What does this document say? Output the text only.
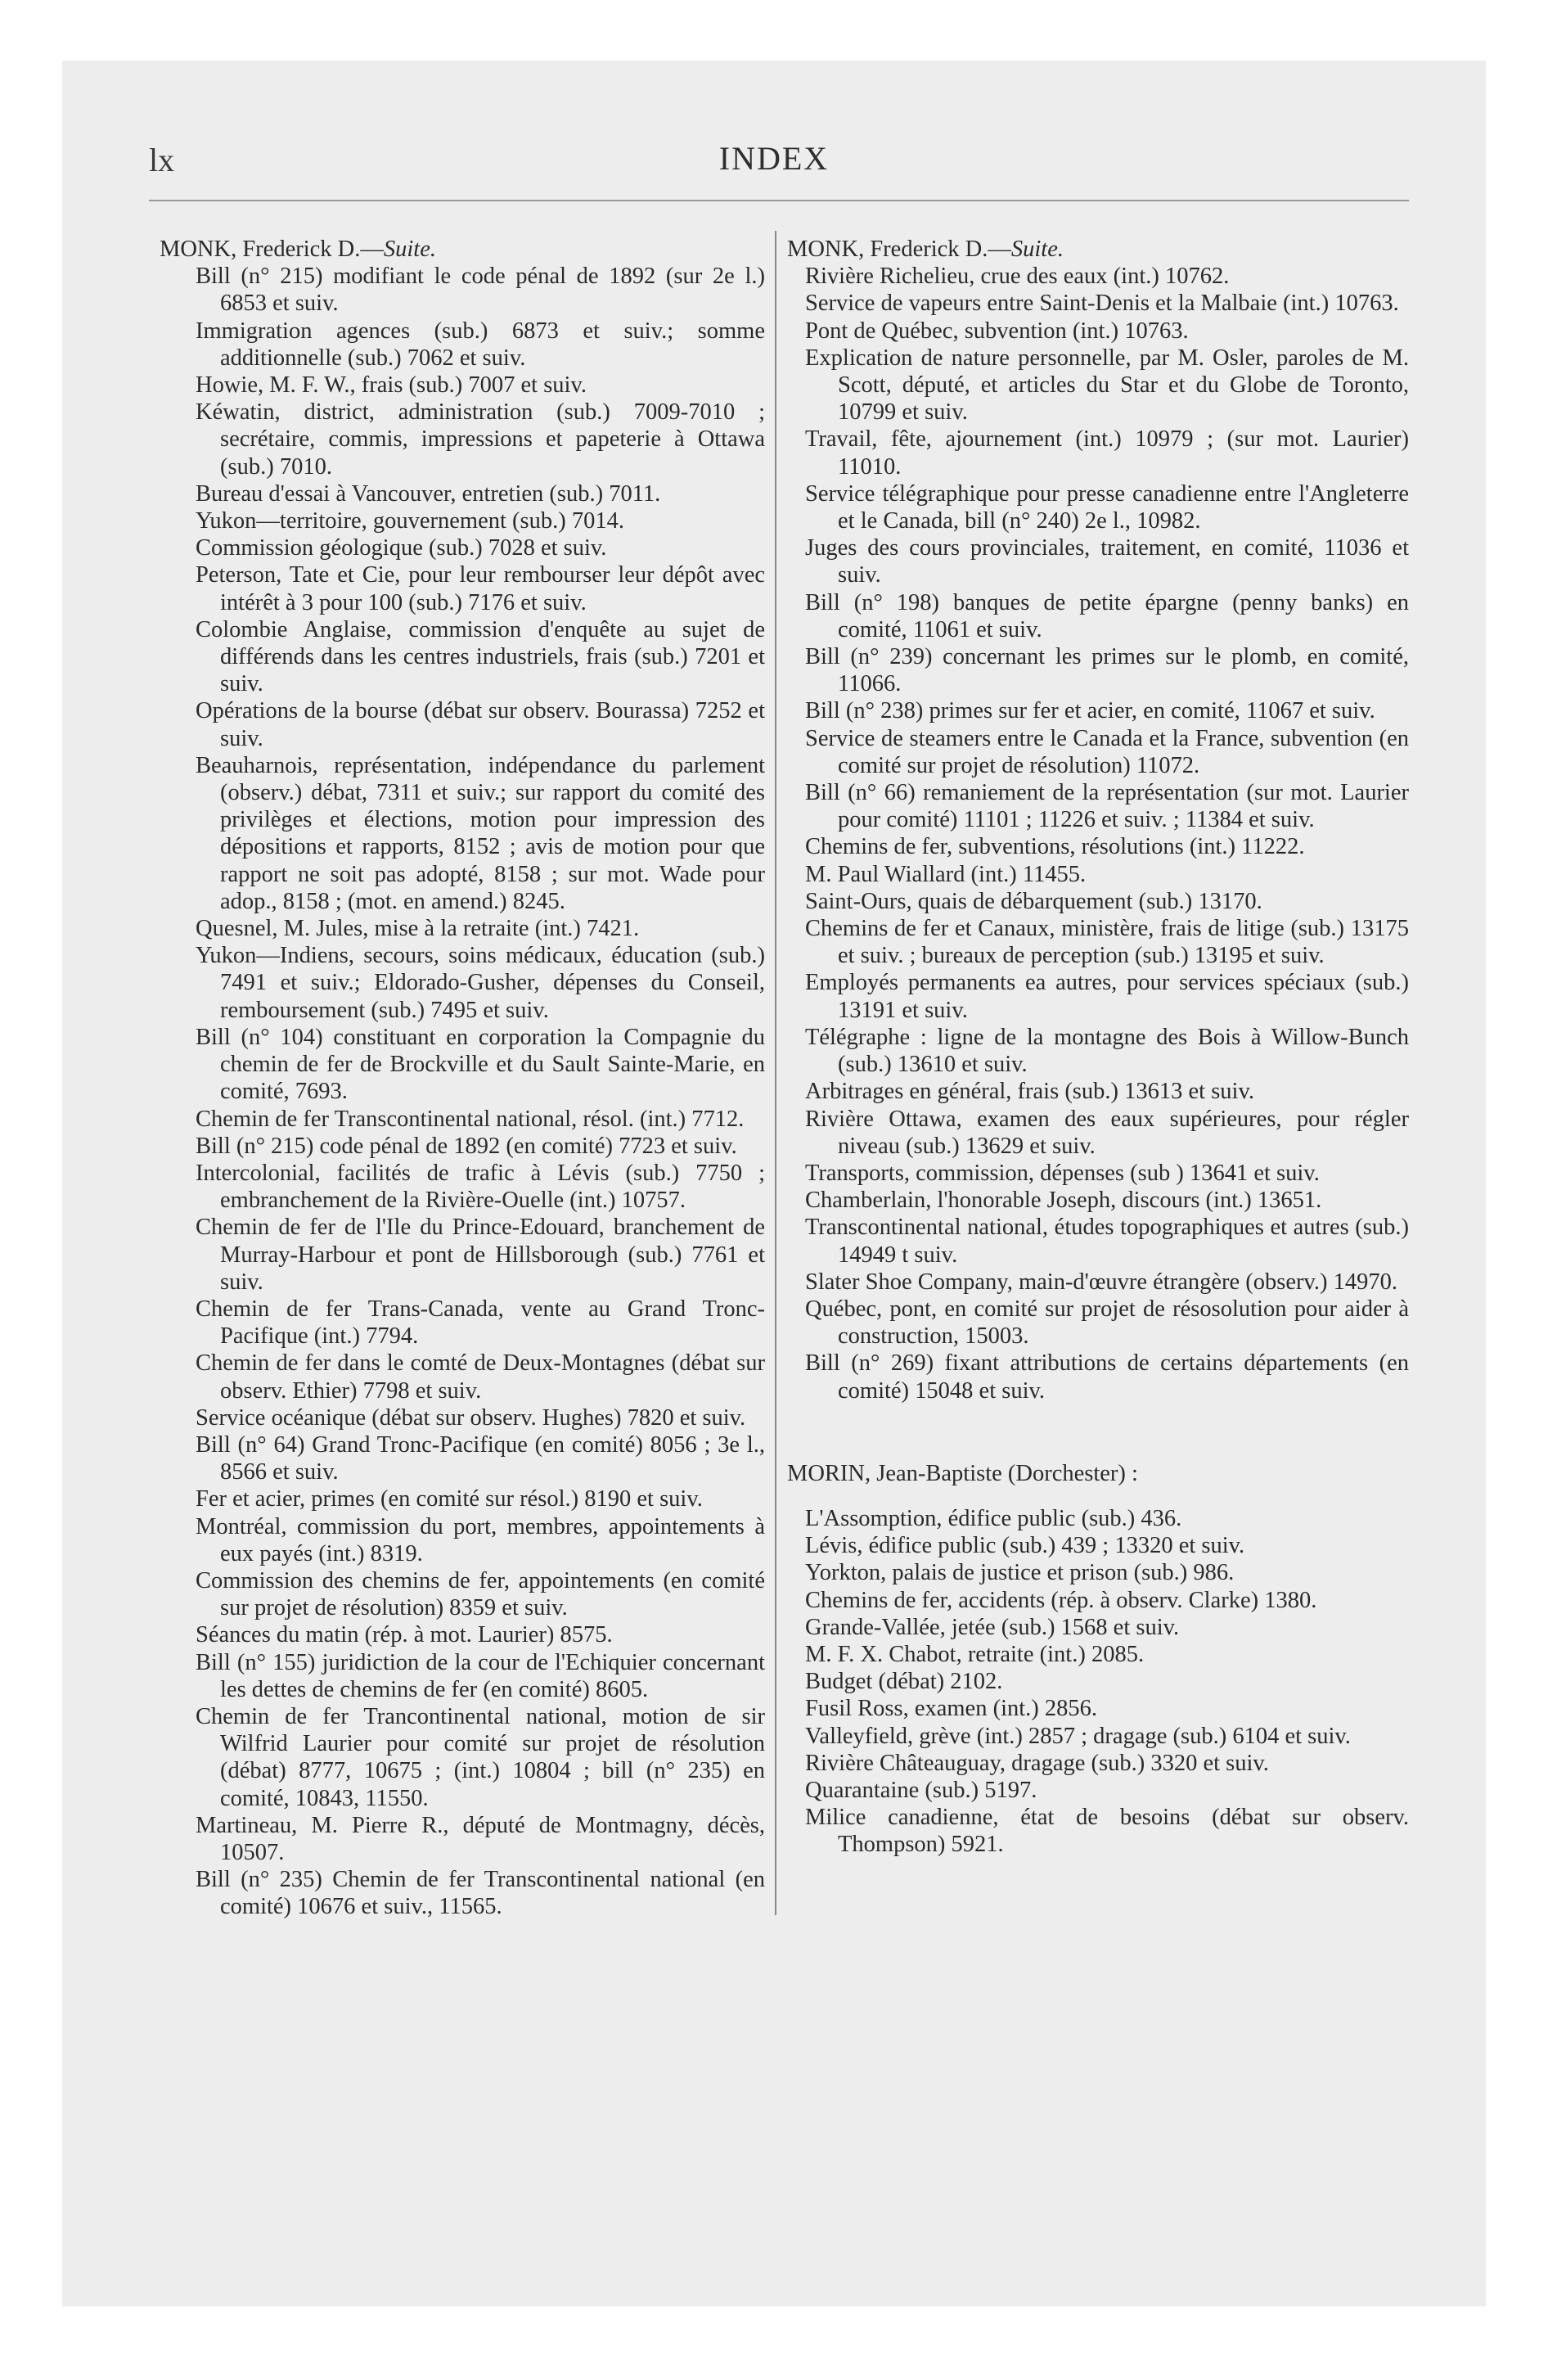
lx	INDEX

MONK, Frederick D.—Suite.

Bill (n° 215) modifiant le code pénal de 1892 (sur 2e l.) 6853 et suiv.

Immigration agences (sub.) 6873 et suiv.; somme additionnelle (sub.) 7062 et suiv.

Howie, M. F. W., frais (sub.) 7007 et suiv.

Kéwatin, district, administration (sub.) 7009-7010 ; secrétaire, commis, impressions et papeterie à Ottawa (sub.) 7010.

Bureau d'essai à Vancouver, entretien (sub.) 7011.

Yukon—territoire, gouvernement (sub.) 7014.

Commission géologique (sub.) 7028 et suiv.

Peterson, Tate et Cie, pour leur rembourser leur dépôt avec intérêt à 3 pour 100 (sub.) 7176 et suiv.

Colombie Anglaise, commission d'enquête au sujet de différends dans les centres industriels, frais (sub.) 7201 et suiv.

Opérations de la bourse (débat sur observ. Bourassa) 7252 et suiv.

Beauharnois, représentation, indépendance du parlement (observ.) débat, 7311 et suiv.; sur rapport du comité des privilèges et élections, motion pour impression des dépositions et rapports, 8152 ; avis de motion pour que rapport ne soit pas adopté, 8158 ; sur mot. Wade pour adop., 8158 ; (mot. en amend.) 8245.

Quesnel, M. Jules, mise à la retraite (int.) 7421.

Yukon—Indiens, secours, soins médicaux, éducation (sub.) 7491 et suiv.; Eldorado-Gusher, dépenses du Conseil, remboursement (sub.) 7495 et suiv.

Bill (n° 104) constituant en corporation la Compagnie du chemin de fer de Brockville et du Sault Sainte-Marie, en comité, 7693.

Chemin de fer Transcontinental national, résol. (int.) 7712.

Bill (n° 215) code pénal de 1892 (en comité) 7723 et suiv.

Intercolonial, facilités de trafic à Lévis (sub.) 7750 ; embranchement de la Rivière-Ouelle (int.) 10757.

Chemin de fer de l'Ile du Prince-Edouard, branchement de Murray-Harbour et pont de Hillsborough (sub.) 7761 et suiv.

Chemin de fer Trans-Canada, vente au Grand Tronc-Pacifique (int.) 7794.

Chemin de fer dans le comté de Deux-Montagnes (débat sur observ. Ethier) 7798 et suiv.

Service océanique (débat sur observ. Hughes) 7820 et suiv.

Bill (n° 64) Grand Tronc-Pacifique (en comité) 8056 ; 3e l., 8566 et suiv.

Fer et acier, primes (en comité sur résol.) 8190 et suiv.

Montréal, commission du port, membres, appointements à eux payés (int.) 8319.

Commission des chemins de fer, appointements (en comité sur projet de résolution) 8359 et suiv.

Séances du matin (rép. à mot. Laurier) 8575.

Bill (n° 155) juridiction de la cour de l'Echiquier concernant les dettes de chemins de fer (en comité) 8605.

Chemin de fer Trancontinental national, motion de sir Wilfrid Laurier pour comité sur projet de résolution (débat) 8777, 10675 ; (int.) 10804 ; bill (n° 235) en comité, 10843, 11550.

Martineau, M. Pierre R., député de Montmagny, décès, 10507.

Bill (n° 235) Chemin de fer Transcontinental national (en comité) 10676 et suiv., 11565.

MONK, Frederick D.—Suite.

Rivière Richelieu, crue des eaux (int.) 10762.

Service de vapeurs entre Saint-Denis et la Malbaie (int.) 10763.

Pont de Québec, subvention (int.) 10763.

Explication de nature personnelle, par M. Osler, paroles de M. Scott, député, et articles du Star et du Globe de Toronto, 10799 et suiv.

Travail, fête, ajournement (int.) 10979 ; (sur mot. Laurier) 11010.

Service télégraphique pour presse canadienne entre l'Angleterre et le Canada, bill (n° 240) 2e l., 10982.

Juges des cours provinciales, traitement, en comité, 11036 et suiv.

Bill (n° 198) banques de petite épargne (penny banks) en comité, 11061 et suiv.

Bill (n° 239) concernant les primes sur le plomb, en comité, 11066.

Bill (n° 238) primes sur fer et acier, en comité, 11067 et suiv.

Service de steamers entre le Canada et la France, subvention (en comité sur projet de résolution) 11072.

Bill (n° 66) remaniement de la représentation (sur mot. Laurier pour comité) 11101 ; 11226 et suiv. ; 11384 et suiv.

Chemins de fer, subventions, résolutions (int.) 11222.

M. Paul Wiallard (int.) 11455.

Saint-Ours, quais de débarquement (sub.) 13170.

Chemins de fer et Canaux, ministère, frais de litige (sub.) 13175 et suiv. ; bureaux de perception (sub.) 13195 et suiv.

Employés permanents ea autres, pour services spéciaux (sub.) 13191 et suiv.

Télégraphe : ligne de la montagne des Bois à Willow-Bunch (sub.) 13610 et suiv.

Arbitrages en général, frais (sub.) 13613 et suiv.

Rivière Ottawa, examen des eaux supérieures, pour régler niveau (sub.) 13629 et suiv.

Transports, commission, dépenses (sub ) 13641 et suiv.

Chamberlain, l'honorable Joseph, discours (int.) 13651.

Transcontinental national, études topographiques et autres (sub.) 14949 t suiv.

Slater Shoe Company, main-d'œuvre étrangère (observ.) 14970.

Québec, pont, en comité sur projet de résosolution pour aider à construction, 15003.

Bill (n° 269) fixant attributions de certains départements (en comité) 15048 et suiv.

MORIN, Jean-Baptiste (Dorchester) :

L'Assomption, édifice public (sub.) 436.

Lévis, édifice public (sub.) 439 ; 13320 et suiv.

Yorkton, palais de justice et prison (sub.) 986.

Chemins de fer, accidents (rép. à observ. Clarke) 1380.

Grande-Vallée, jetée (sub.) 1568 et suiv.

M. F. X. Chabot, retraite (int.) 2085.

Budget (débat) 2102.

Fusil Ross, examen (int.) 2856.

Valleyfield, grève (int.) 2857 ; dragage (sub.) 6104 et suiv.

Rivière Châteauguay, dragage (sub.) 3320 et suiv.

Quarantaine (sub.) 5197.

Milice canadienne, état de besoins (débat sur observ. Thompson) 5921.
